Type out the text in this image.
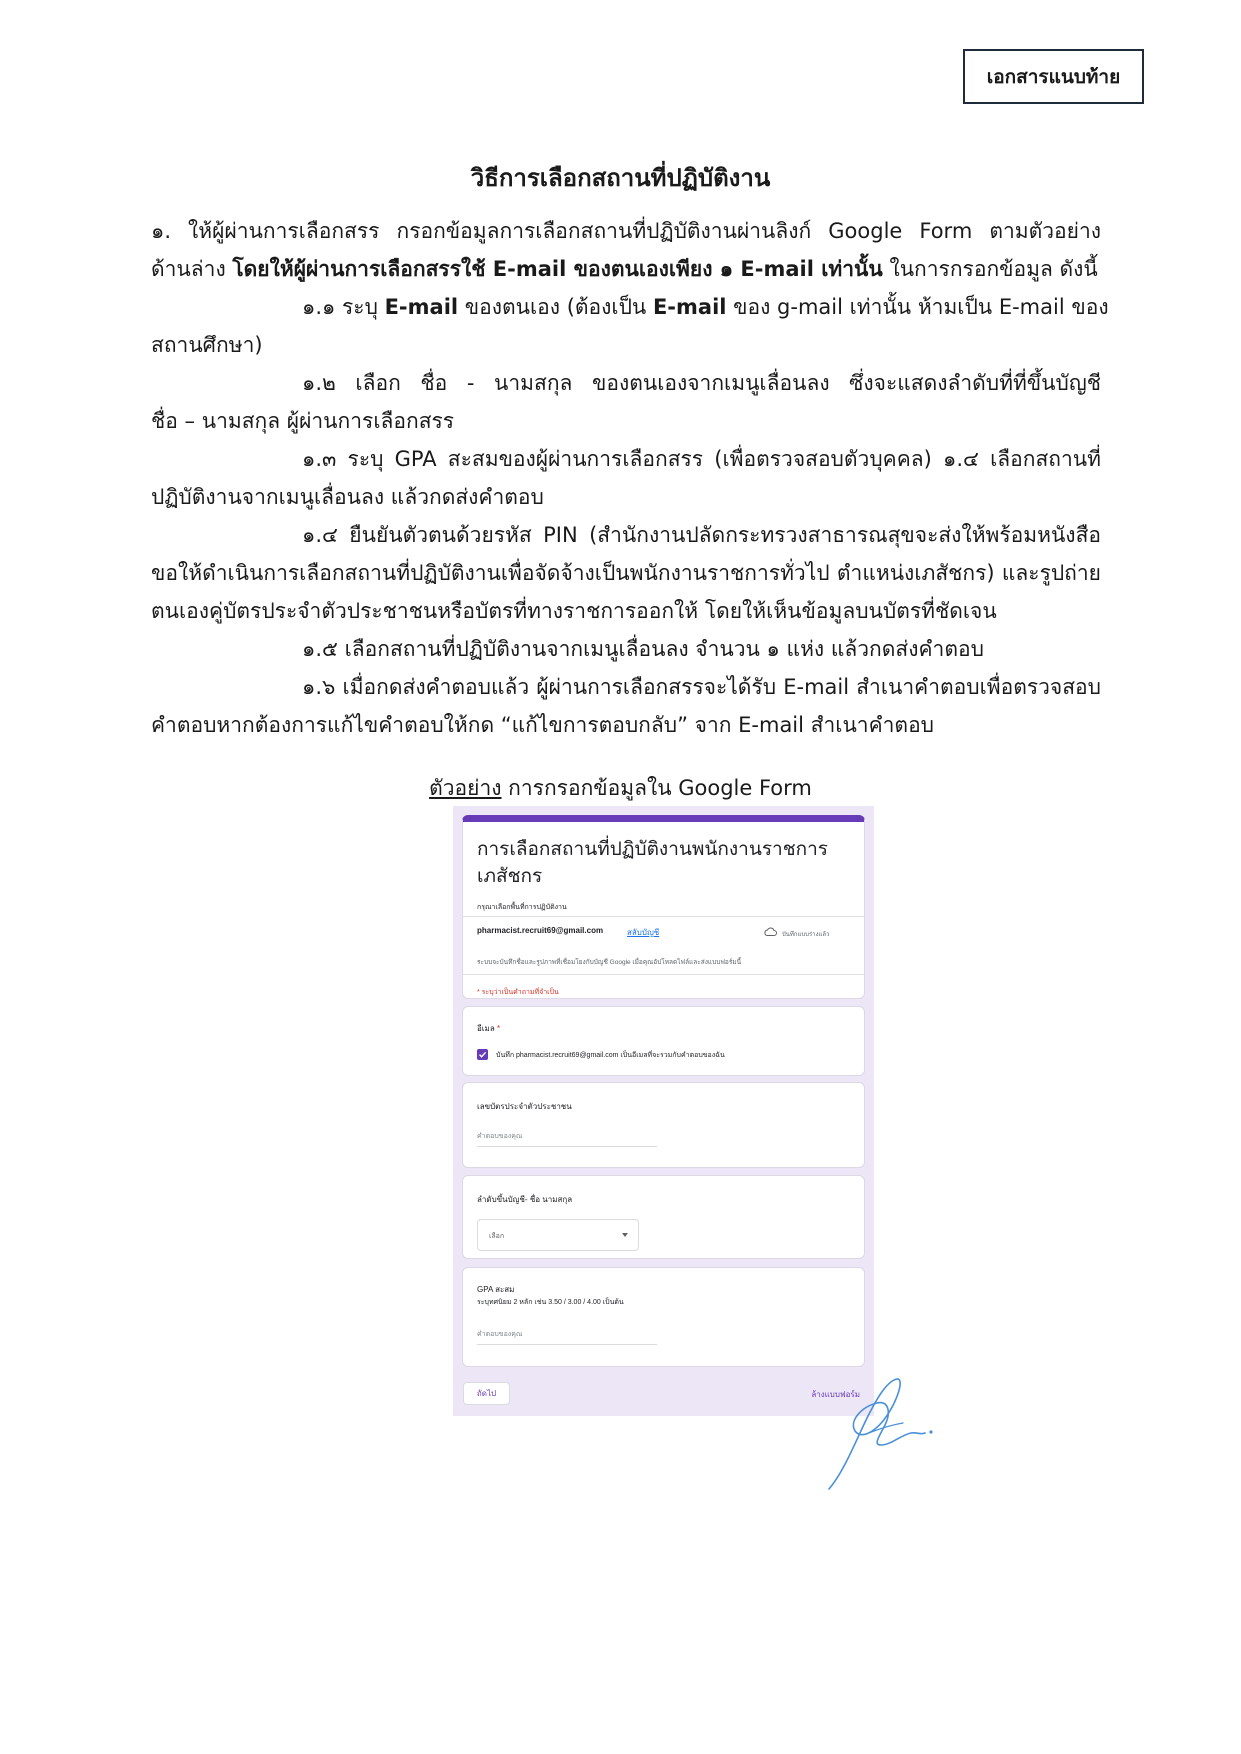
เอกสารแนบท้าย
วิธีการเลือกสถานที่ปฏิบัติงาน
๑. ให้ผู้ผ่านการเลือกสรร กรอกข้อมูลการเลือกสถานที่ปฏิบัติงานผ่านลิงก์ Google Form ตามตัวอย่าง
ด้านล่าง โดยให้ผู้ผ่านการเลือกสรรใช้ E-mail ของตนเองเพียง ๑ E-mail เท่านั้น ในการกรอกข้อมูล ดังนี้
๑.๑ ระบุ E-mail ของตนเอง (ต้องเป็น E-mail ของ g-mail เท่านั้น ห้ามเป็น E-mail ของ
สถานศึกษา)
๑.๒ เลือก ชื่อ - นามสกุล ของตนเองจากเมนูเลื่อนลง ซึ่งจะแสดงลำดับที่ที่ขึ้นบัญชี
ชื่อ – นามสกุล ผู้ผ่านการเลือกสรร
๑.๓ ระบุ GPA สะสมของผู้ผ่านการเลือกสรร (เพื่อตรวจสอบตัวบุคคล) ๑.๔ เลือกสถานที่
ปฏิบัติงานจากเมนูเลื่อนลง แล้วกดส่งคำตอบ
๑.๔ ยืนยันตัวตนด้วยรหัส PIN (สำนักงานปลัดกระทรวงสาธารณสุขจะส่งให้พร้อมหนังสือ
ขอให้ดำเนินการเลือกสถานที่ปฏิบัติงานเพื่อจัดจ้างเป็นพนักงานราชการทั่วไป ตำแหน่งเภสัชกร) และรูปถ่าย
ตนเองคู่บัตรประจำตัวประชาชนหรือบัตรที่ทางราชการออกให้ โดยให้เห็นข้อมูลบนบัตรที่ชัดเจน
๑.๕ เลือกสถานที่ปฏิบัติงานจากเมนูเลื่อนลง จำนวน ๑ แห่ง แล้วกดส่งคำตอบ
๑.๖ เมื่อกดส่งคำตอบแล้ว ผู้ผ่านการเลือกสรรจะได้รับ E-mail สำเนาคำตอบเพื่อตรวจสอบ
คำตอบหากต้องการแก้ไขคำตอบให้กด “แก้ไขการตอบกลับ” จาก E-mail สำเนาคำตอบ
ตัวอย่าง การกรอกข้อมูลใน Google Form
การเลือกสถานที่ปฏิบัติงานพนักงานราชการเภสัชกร
กรุณาเลือกพื้นที่การปฏิบัติงาน
pharmacist.recruit69@gmail.com	สลับบัญชี	บันทึกแบบร่างแล้ว
ระบบจะบันทึกชื่อและรูปภาพที่เชื่อมโยงกับบัญชี Google เมื่อคุณอัปโหลดไฟล์และส่งแบบฟอร์มนี้
* ระบุว่าเป็นคำถามที่จำเป็น
อีเมล *
บันทึก pharmacist.recruit69@gmail.com เป็นอีเมลที่จะรวมกับคำตอบของฉัน
เลขบัตรประจำตัวประชาชน
คำตอบของคุณ
ลำดับขึ้นบัญชี- ชื่อ นามสกุล
เลือก
GPA สะสม
ระบุทศนิยม 2 หลัก เช่น 3.50 / 3.00 / 4.00 เป็นต้น
คำตอบของคุณ
ถัดไป	ล้างแบบฟอร์ม
